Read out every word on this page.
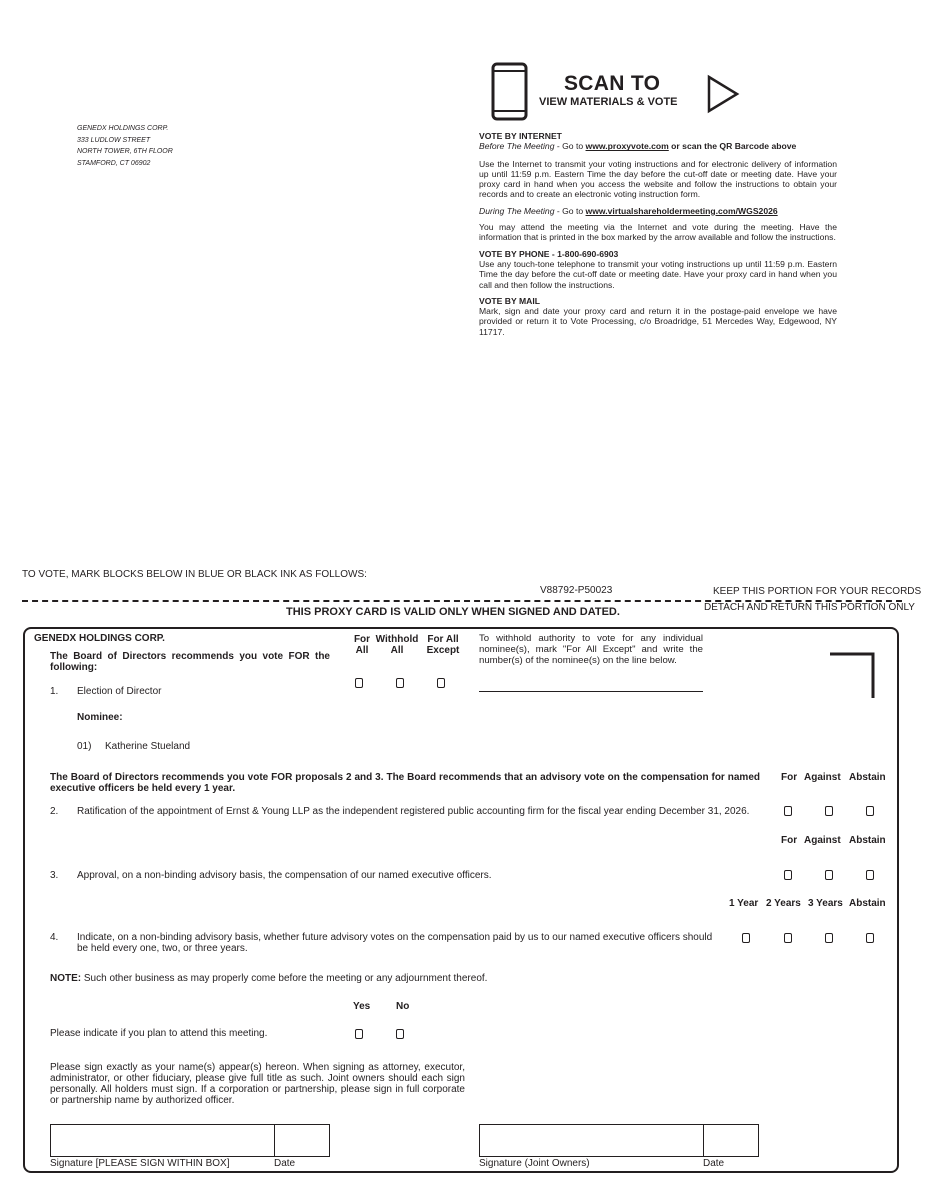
GENEDX HOLDINGS CORP.
333 LUDLOW STREET
NORTH TOWER, 6TH FLOOR
STAMFORD, CT 06902
SCAN TO
VIEW MATERIALS & VOTE

VOTE BY INTERNET

Before The Meeting - Go to www.proxyvote.com or scan the QR Barcode above

Use the Internet to transmit your voting instructions and for electronic delivery of information up until 11:59 p.m. Eastern Time the day before the cut-off date or meeting date. Have your proxy card in hand when you access the website and follow the instructions to obtain your records and to create an electronic voting instruction form.

During The Meeting - Go to www.virtualshareholdermeeting.com/WGS2026

You may attend the meeting via the Internet and vote during the meeting. Have the information that is printed in the box marked by the arrow available and follow the instructions.

VOTE BY PHONE - 1-800-690-6903

Use any touch-tone telephone to transmit your voting instructions up until 11:59 p.m. Eastern Time the day before the cut-off date or meeting date. Have your proxy card in hand when you call and then follow the instructions.

VOTE BY MAIL

Mark, sign and date your proxy card and return it in the postage-paid envelope we have provided or return it to Vote Processing, c/o Broadridge, 51 Mercedes Way, Edgewood, NY 11717.

TO VOTE, MARK BLOCKS BELOW IN BLUE OR BLACK INK AS FOLLOWS:
V88792-P50023	KEEP THIS PORTION FOR YOUR RECORDS
DETACH AND RETURN THIS PORTION ONLY
THIS PROXY CARD IS VALID ONLY WHEN SIGNED AND DATED.
GENEDX HOLDINGS CORP.
The Board of Directors recommends you vote FOR the following:
For All
Withhold All
For All Except
To withhold authority to vote for any individual nominee(s), mark "For All Except" and write the number(s) of the nominee(s) on the line below.
1. Election of Director
Nominee:
01) Katherine Stueland
The Board of Directors recommends you vote FOR proposals 2 and 3. The Board recommends that an advisory vote on the compensation for named executive officers be held every 1 year.
For Against Abstain
2. Ratification of the appointment of Ernst & Young LLP as the independent registered public accounting firm for the fiscal year ending December 31, 2026.
For Against Abstain
3. Approval, on a non-binding advisory basis, the compensation of our named executive officers.
1 Year 2 Years 3 Years Abstain
4. Indicate, on a non-binding advisory basis, whether future advisory votes on the compensation paid by us to our named executive officers should be held every one, two, or three years.
NOTE: Such other business as may properly come before the meeting or any adjournment thereof.
Yes	No
Please indicate if you plan to attend this meeting.
Please sign exactly as your name(s) appear(s) hereon. When signing as attorney, executor, administrator, or other fiduciary, please give full title as such. Joint owners should each sign personally. All holders must sign. If a corporation or partnership, please sign in full corporate or partnership name by authorized officer.
Signature [PLEASE SIGN WITHIN BOX]	Date	Signature (Joint Owners)	Date
